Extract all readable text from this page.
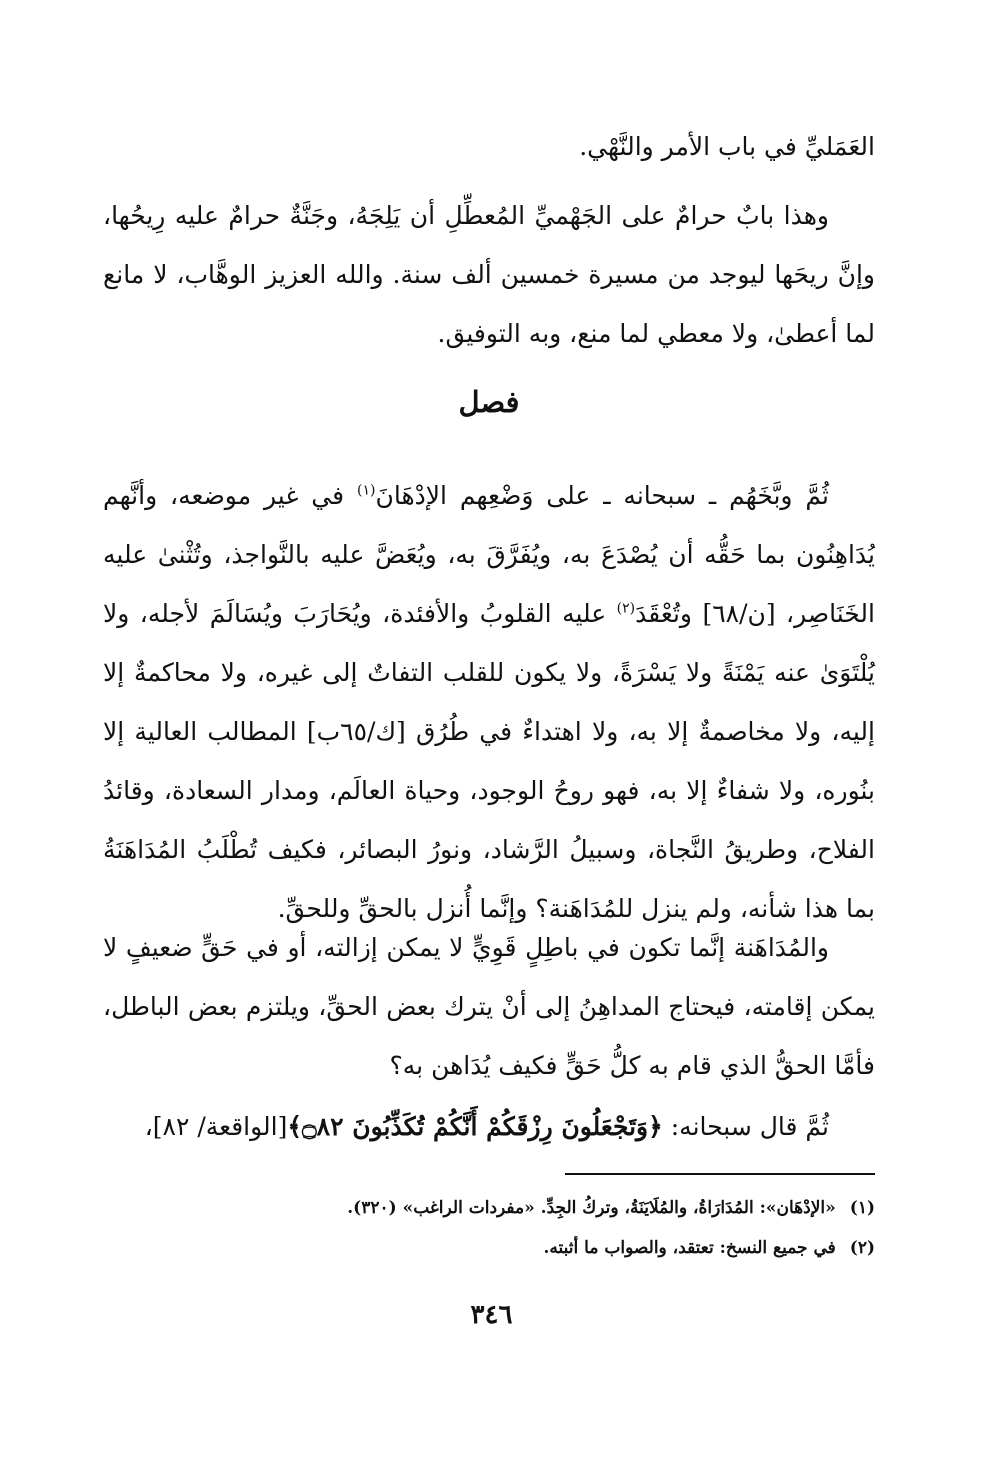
العَمَليِّ في باب الأمر والنَّهْي.

وهذا بابٌ حرامٌ على الجَهْميِّ المُعطِّلِ أن يَلِجَهُ، وجَنَّةٌ حرامٌ عليه رِيحُها، وإنَّ ريحَها ليوجد من مسيرة خمسين ألف سنة. والله العزيز الوهَّاب، لا مانع لما أعطىٰ، ولا معطي لما منع، وبه التوفيق.

فصل

ثُمَّ وبَّخَهُم ـ سبحانه ـ على وَضْعِهم الإدْهَانَ$^{(١)}$ في غير موضعه، وأنَّهم يُدَاهِنُون بما حَقُّه أن يُصْدَعَ به، ويُفَرَّقَ به، ويُعَضَّ عليه بالنَّواجذ، وتُثْنىٰ عليه الخَنَاصِر، [ن/٦٨] وتُعْقَدَ$^{(٢)}$ عليه القلوبُ والأفئدة، ويُحَارَبَ ويُسَالَمَ لأجله، ولا يُلْتَوَىٰ عنه يَمْنَةً ولا يَسْرَةً، ولا يكون للقلب التفاتٌ إلى غيره، ولا محاكمةٌ إلا إليه، ولا مخاصمةٌ إلا به، ولا اهتداءٌ في طُرُق [ك/٦٥ب] المطالب العالية إلا بنُوره، ولا شفاءٌ إلا به، فهو روحُ الوجود، وحياة العالَم، ومدار السعادة، وقائدُ الفلاح، وطريقُ النَّجاة، وسبيلُ الرَّشاد، ونورُ البصائر، فكيف تُطْلَبُ المُدَاهَنَةُ بما هذا شأنه، ولم ينزل للمُدَاهَنة؟ وإنَّما أُنزل بالحقِّ وللحقِّ.

والمُدَاهَنة إنَّما تكون في باطِلٍ قَوِيٍّ لا يمكن إزالته، أو في حَقٍّ ضعيفٍ لا يمكن إقامته، فيحتاج المداهِنُ إلى أنْ يترك بعض الحقِّ، ويلتزم بعض الباطل، فأمَّا الحقُّ الذي قام به كلُّ حَقٍّ فكيف يُدَاهن به؟

ثُمَّ قال سبحانه: ﴿وَتَجْعَلُونَ رِزْقَكُمْ أَنَّكُمْ تُكَذِّبُونَ ۝٨٢﴾[الواقعة/ ٨٢]،

(١)«الإدْهَان»: المُدَارَاةُ، والمُلَايَنَةُ، وتركُ الجِدِّ. «مفردات الراغب» (٣٢٠).

(٢)في جميع النسخ: تعتقد، والصواب ما أثبته.

٣٤٦
